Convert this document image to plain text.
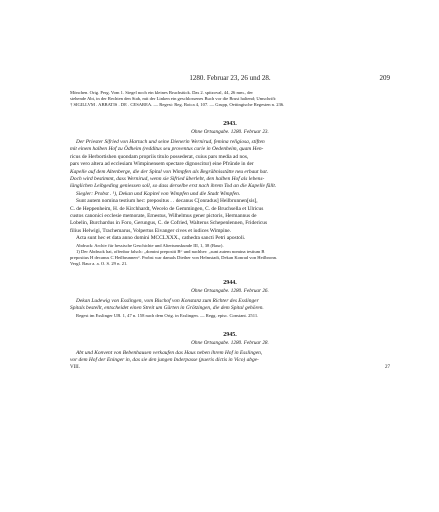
1280. Februar 23, 26 und 28.	209

Mönchen. Orig. Perg. Vom 1. Siegel noch ein kleines Bruchstück. Das 2. spitzoval, 44, 26 mm., der

stehende Abt, in der Rechten den Stab, mit der Linken ein geschlossenes Buch vor die Brust haltend; Umschrift:

† SIGILLVM . ABBATIS . DE . CESAREA. — Regest: Reg. Boica 4, 107. — Grupp, Oettingische Regesten n. 236.

2943.
Ohne Ortsangabe. 1280. Februar 23.

Der Priester Sifried von Hartach und seine Dienerin Wernirud, femina religiosa, stiften

mit einem halben Hof zu Ödheim (redditus seu proventus curie in Oedenheim, quam Hen-

ricus de Herbortishen quondam propriis titulo possederat, cuius pars media ad nos,

pars vero altera ad ecclesiam Wimpinensem spectare dignoscitur) eine Pfründe in der

Kapelle auf dem Altenberge, die der Spital von Wimpfen als Begräbnisstätte neu erbaut hat.

Doch wird bestimmt, dass Wernirud, wenn sie Sifried überlebt, den halben Hof als lebens-

länglichen Leibgeding geniessen soll, so dass derselbe erst nach ihrem Tod an die Kapelle fällt.

Siegler: Probst . ¹), Dekan und Kapitel von Wimpfen und die Stadt Wimpfen.

Sunt autem nomina testium hec: prepositus . . decanus C[onradus] Heilbrunnen[sis],

C. de Heppenheim, H. de Kirchhardt, Wecelo de Gemmingen, C. de Bruchsella et Ulricus

custos canonici ecclesie memorate, Ernestus, Wilhelmus gener pictoris, Hermannus de

Lobelin, Burchardus in Foro, Gerungus, C. de Cofried, Walterus Schepenlennen, Fridericus

filius Helwigi, Trachemarus, Volpertus Eivanger cives et iudices Wimpine.

Acta sunt hec et data anno domini MCCLXXX., cathedra sancti Petri apostoli.

Abdruck: Archiv für hessische Geschichte und Altertumskunde III, 1, 38 (Baur).

1) Der Abdruck hat, offenbar falsch: „domini prepositi B“ und nachher: „sunt autem nomina testium B

prepositus H decanus C Heilbrunnen“. Probst war damals Diether von Helmstadt, Dekan Konrad von Heilbronn.

Vergl. Baur a. a. O. S. 29 n. 21.

2944.
Ohne Ortsangabe. 1280. Februar 26.

Dekan Ludewig von Esslingen, vom Bischof von Konstanz zum Richter des Esslinger

Spitals bestellt, entscheidet einen Streit um Gärten in Grötzingen, die dem Spital gehören.

Regest im Esslinger UB. 1, 47 n. 158 nach dem Orig. in Esslingen. — Regg. episc. Constant. 2511.

2945.
Ohne Ortsangabe. 1280. Februar 28.

Abt und Konvent von Bebenhausen verkaufen das Haus neben ihrem Hof in Esslingen,

vor dem Hof der Eninger in, das sie den jungen Inderpasse (pueris dictis in Vico) abge-

VIII.	27
